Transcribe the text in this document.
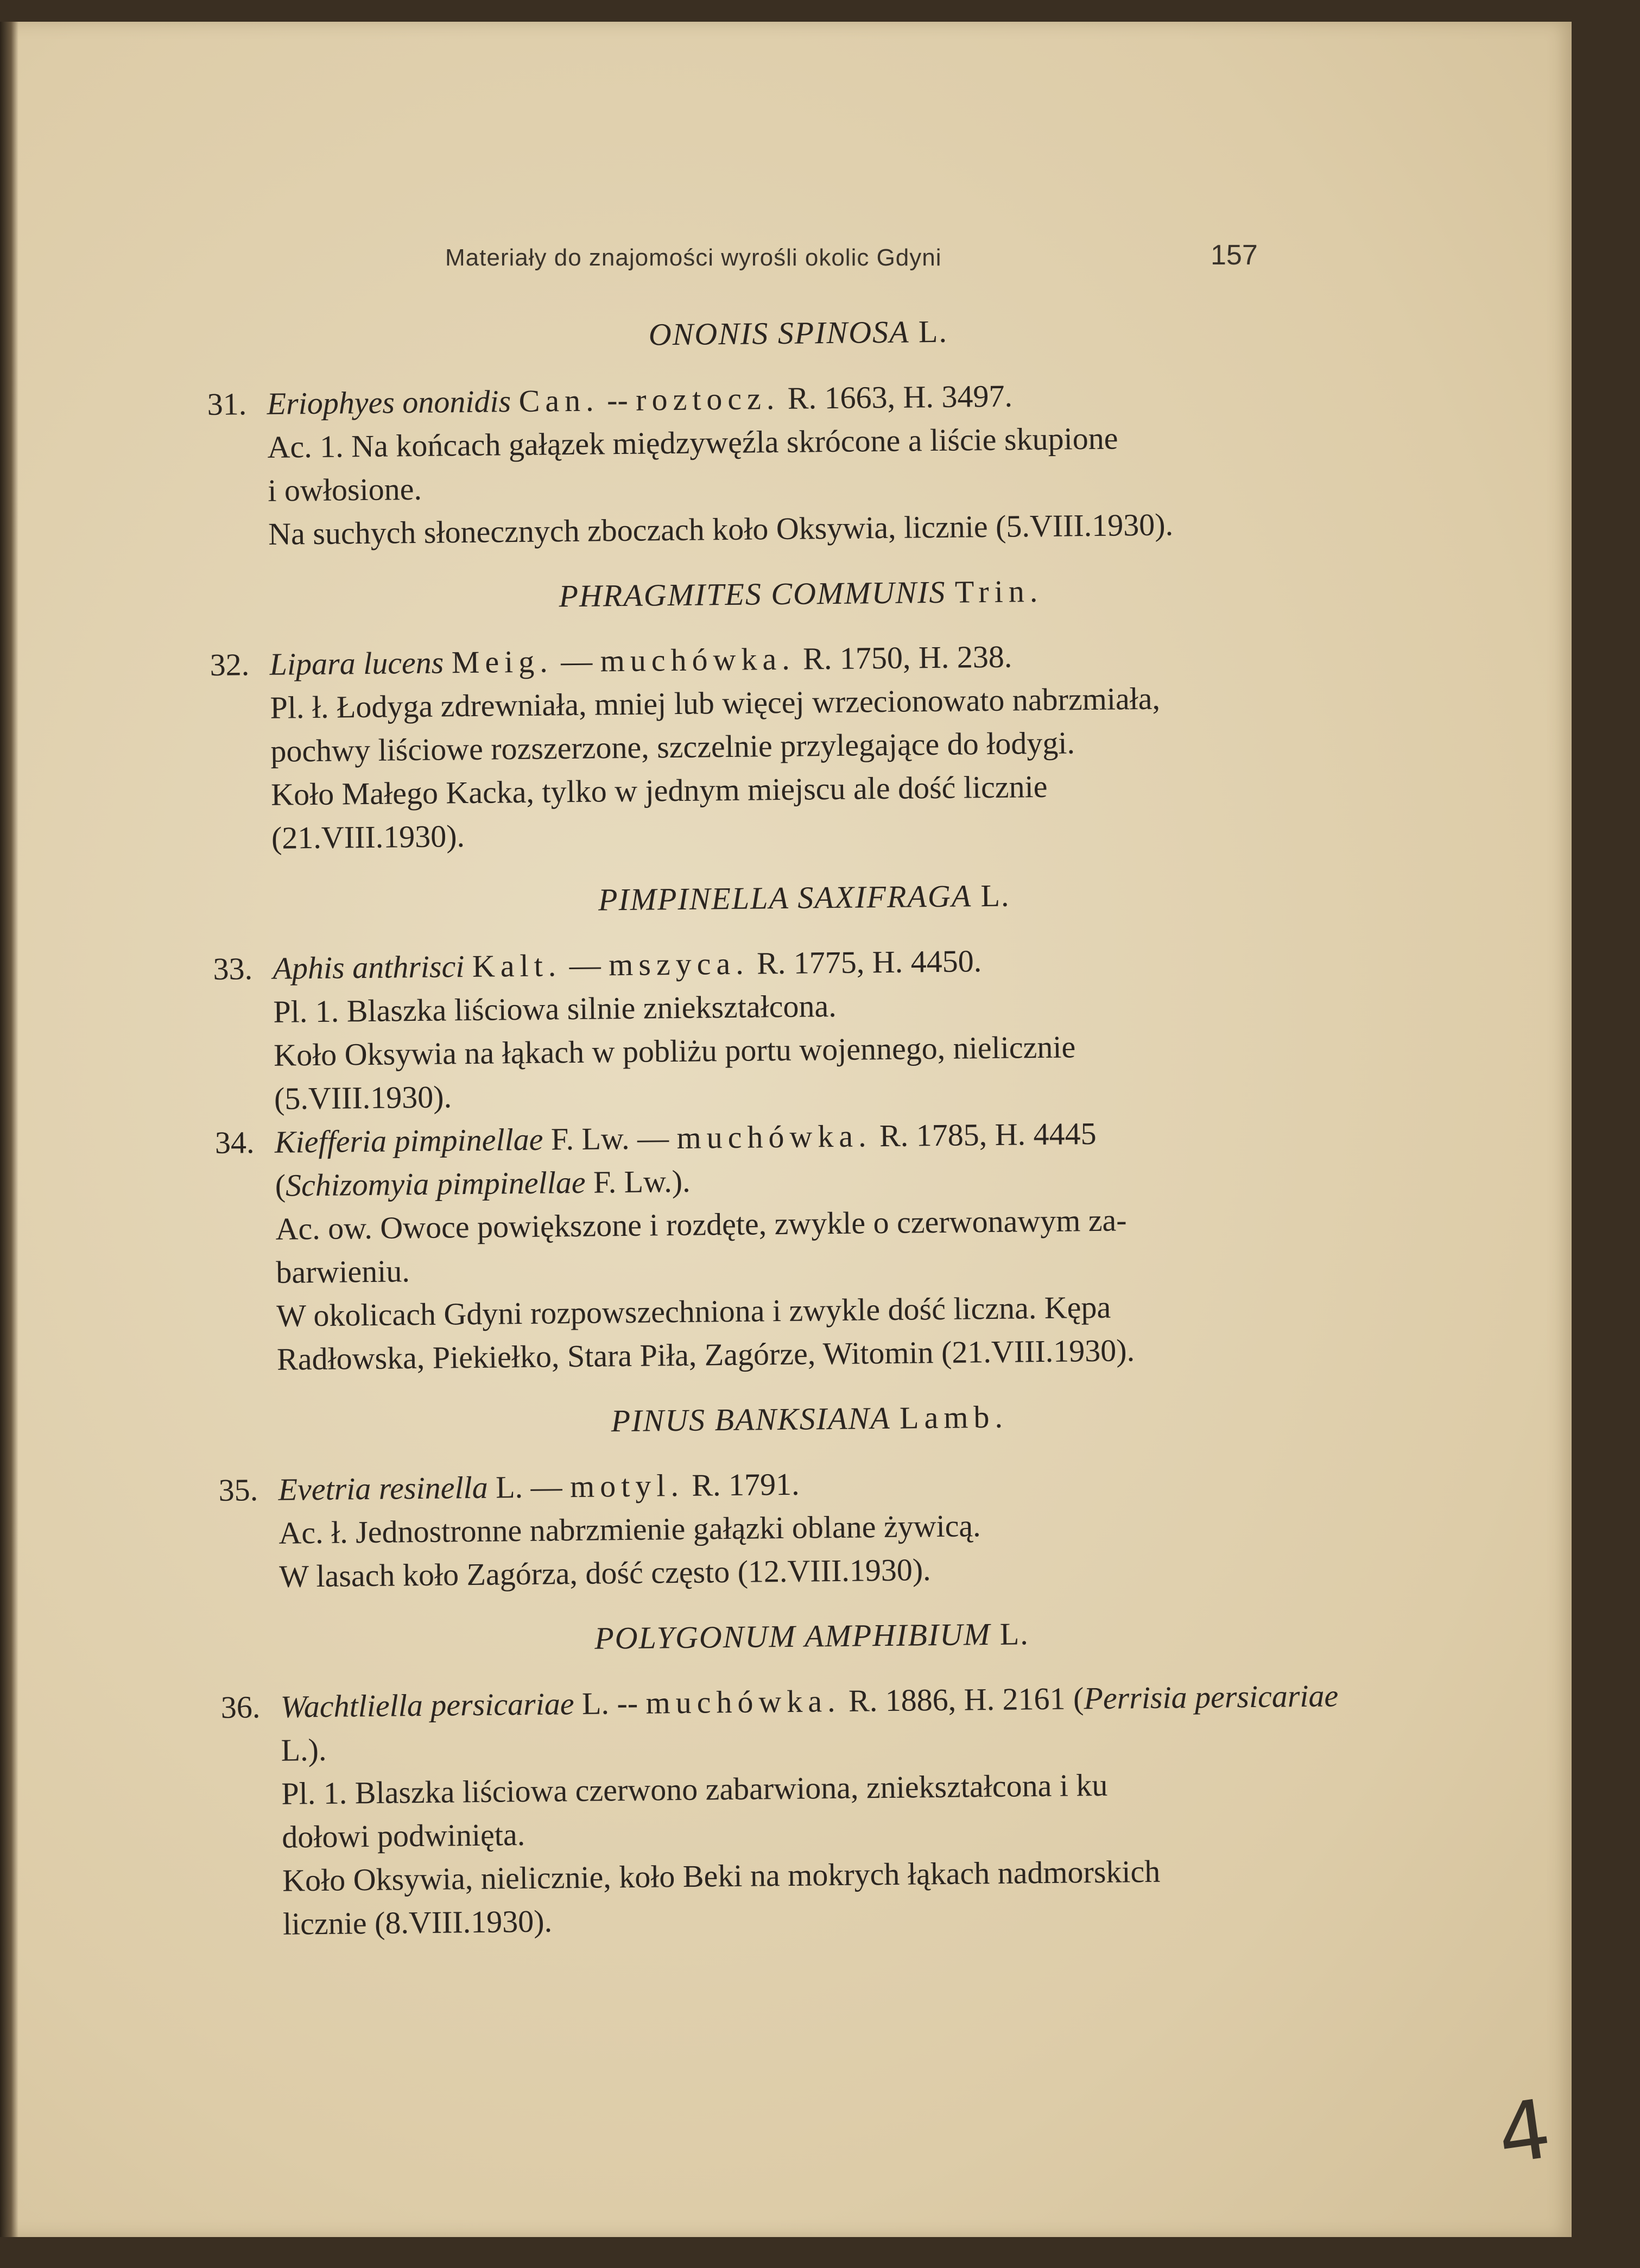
Materiały do znajomości wyrośli okolic Gdyni	157
ONONIS SPINOSA L.
31. Eriophyes ononidis Can. -- roztocz. R. 1663, H. 3497.
Ac. 1. Na końcach gałązek międzywęźla skrócone a liście skupione
i owłosione.
Na suchych słonecznych zboczach koło Oksywia, licznie (5.VIII.1930).
PHRAGMITES COMMUNIS Trin.
32. Lipara lucens Meig. — muchówka. R. 1750, H. 238.
Pl. ł. Łodyga zdrewniała, mniej lub więcej wrzecionowato nabrzmiała,
pochwy liściowe rozszerzone, szczelnie przylegające do łodygi.
Koło Małego Kacka, tylko w jednym miejscu ale dość licznie
(21.VIII.1930).
PIMPINELLA SAXIFRAGA L.
33. Aphis anthrisci Kalt. — mszyca. R. 1775, H. 4450.
Pl. 1. Blaszka liściowa silnie zniekształcona.
Koło Oksywia na łąkach w pobliżu portu wojennego, nielicznie
(5.VIII.1930).
34. Kiefferia pimpinellae F. Lw. — muchówka. R. 1785, H. 4445
(Schizomyia pimpinellae F. Lw.).
Ac. ow. Owoce powiększone i rozdęte, zwykle o czerwonawym za-
barwieniu.
W okolicach Gdyni rozpowszechniona i zwykle dość liczna. Kępa
Radłowska, Piekiełko, Stara Piła, Zagórze, Witomin (21.VIII.1930).
PINUS BANKSIANA Lamb.
35. Evetria resinella L. — motyl. R. 1791.
Ac. ł. Jednostronne nabrzmienie gałązki oblane żywicą.
W lasach koło Zagórza, dość często (12.VIII.1930).
POLYGONUM AMPHIBIUM L.
36. Wachtliella persicariae L. -- muchówka. R. 1886, H. 2161 (Perrisia persicariae L.).
Pl. 1. Blaszka liściowa czerwono zabarwiona, zniekształcona i ku
dołowi podwinięta.
Koło Oksywia, nielicznie, koło Beki na mokrych łąkach nadmorskich
licznie (8.VIII.1930).
4
